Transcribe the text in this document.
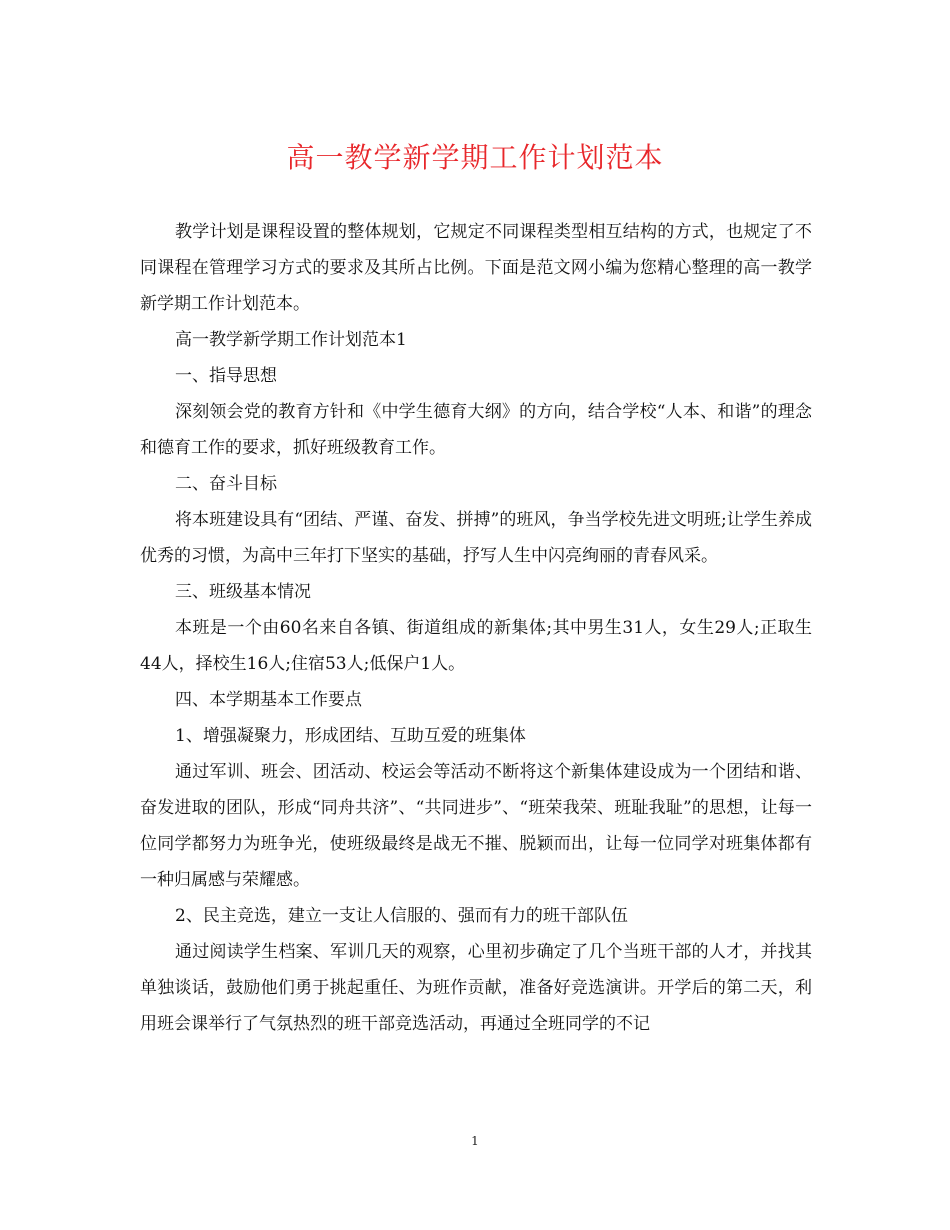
高一教学新学期工作计划范本

教学计划是课程设置的整体规划，它规定不同课程类型相互结构的方式，也规定了不同课程在管理学习方式的要求及其所占比例。下面是范文网小编为您精心整理的高一教学新学期工作计划范本。

高一教学新学期工作计划范本1

一、指导思想

深刻领会党的教育方针和《中学生德育大纲》的方向，结合学校“人本、和谐”的理念和德育工作的要求，抓好班级教育工作。

二、奋斗目标

将本班建设具有“团结、严谨、奋发、拼搏”的班风，争当学校先进文明班;让学生养成优秀的习惯，为高中三年打下坚实的基础，抒写人生中闪亮绚丽的青春风采。

三、班级基本情况

本班是一个由60名来自各镇、街道组成的新集体;其中男生31人，女生29人;正取生44人，择校生16人;住宿53人;低保户1人。

四、本学期基本工作要点

1、增强凝聚力，形成团结、互助互爱的班集体

通过军训、班会、团活动、校运会等活动不断将这个新集体建设成为一个团结和谐、奋发进取的团队，形成“同舟共济”、“共同进步”、“班荣我荣、班耻我耻”的思想，让每一位同学都努力为班争光，使班级最终是战无不摧、脱颖而出，让每一位同学对班集体都有一种归属感与荣耀感。

2、民主竞选，建立一支让人信服的、强而有力的班干部队伍

通过阅读学生档案、军训几天的观察，心里初步确定了几个当班干部的人才，并找其单独谈话，鼓励他们勇于挑起重任、为班作贡献，准备好竞选演讲。开学后的第二天，利用班会课举行了气氛热烈的班干部竞选活动，再通过全班同学的不记

1
